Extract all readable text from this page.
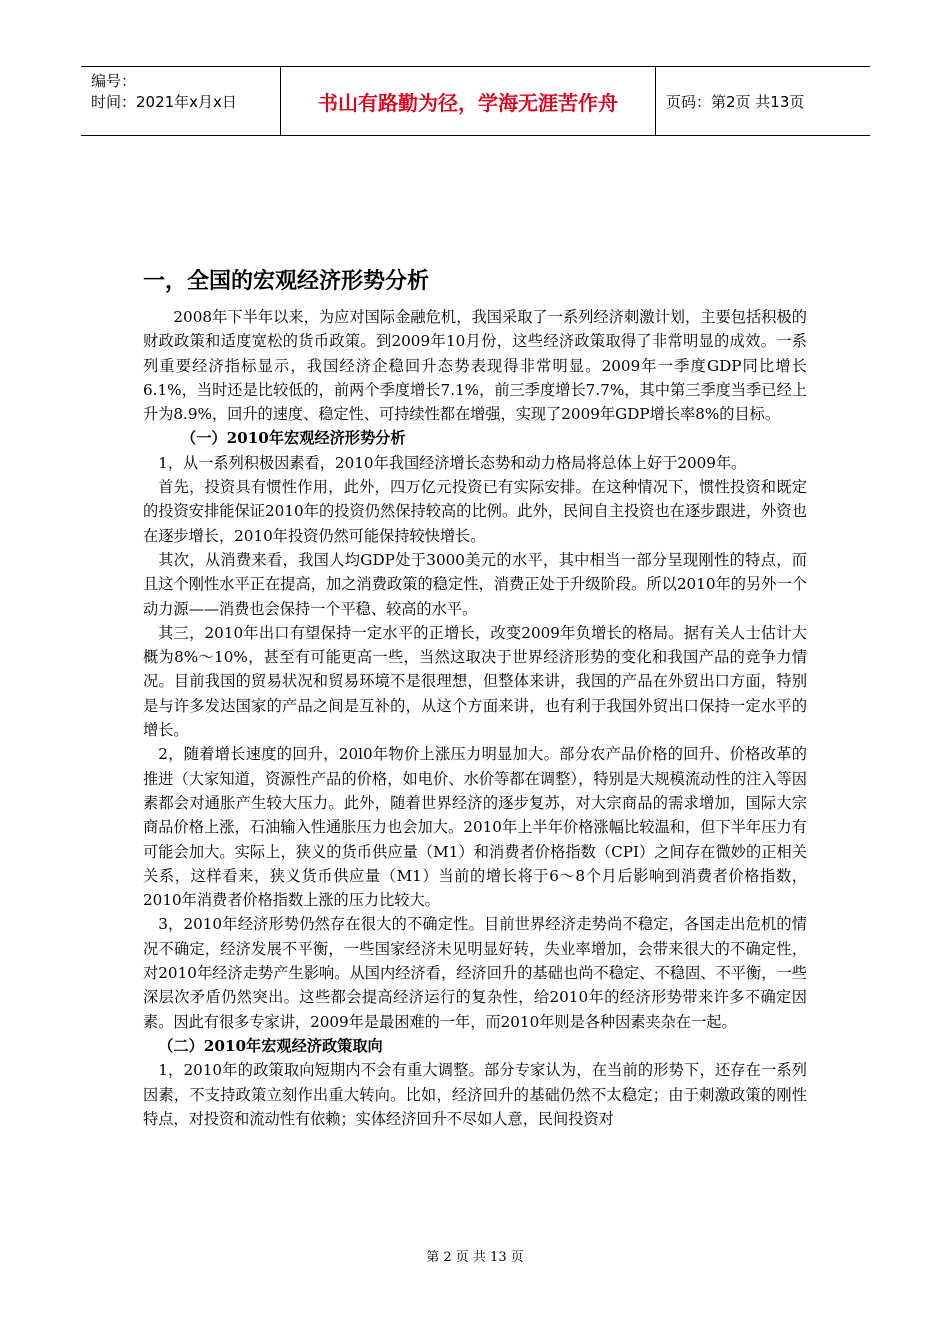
编号：
时间：2021年x月x日	书山有路勤为径，学海无涯苦作舟	页码：第2页 共13页
一，全国的宏观经济形势分析

2008年下半年以来，为应对国际金融危机，我国采取了一系列经济刺激计划，主要包括积极的财政政策和适度宽松的货币政策。到2009年10月份，这些经济政策取得了非常明显的成效。一系列重要经济指标显示，我国经济企稳回升态势表现得非常明显。2009年一季度GDP同比增长6.1%，当时还是比较低的，前两个季度增长7.1%，前三季度增长7.7%，其中第三季度当季已经上升为8.9%，回升的速度、稳定性、可持续性都在增强，实现了2009年GDP增长率8%的目标。

（一）2010年宏观经济形势分析

1，从一系列积极因素看，2010年我国经济增长态势和动力格局将总体上好于2009年。

首先，投资具有惯性作用，此外，四万亿元投资已有实际安排。在这种情况下，惯性投资和既定的投资安排能保证2010年的投资仍然保持较高的比例。此外，民间自主投资也在逐步跟进，外资也在逐步增长，2010年投资仍然可能保持较快增长。

其次，从消费来看，我国人均GDP处于3000美元的水平，其中相当一部分呈现刚性的特点，而且这个刚性水平正在提高，加之消费政策的稳定性，消费正处于升级阶段。所以2010年的另外一个动力源——消费也会保持一个平稳、较高的水平。

其三，2010年出口有望保持一定水平的正增长，改变2009年负增长的格局。据有关人士估计大概为8%～10%，甚至有可能更高一些，当然这取决于世界经济形势的变化和我国产品的竞争力情况。目前我国的贸易状况和贸易环境不是很理想，但整体来讲，我国的产品在外贸出口方面，特别是与许多发达国家的产品之间是互补的，从这个方面来讲，也有利于我国外贸出口保持一定水平的增长。

2，随着增长速度的回升，20l0年物价上涨压力明显加大。部分农产品价格的回升、价格改革的推进（大家知道，资源性产品的价格，如电价、水价等都在调整），特别是大规模流动性的注入等因素都会对通胀产生较大压力。此外，随着世界经济的逐步复苏，对大宗商品的需求增加，国际大宗商品价格上涨，石油输入性通胀压力也会加大。2010年上半年价格涨幅比较温和，但下半年压力有可能会加大。实际上，狭义的货币供应量（M1）和消费者价格指数（CPI）之间存在微妙的正相关关系，这样看来，狭义货币供应量（M1）当前的增长将于6～8个月后影响到消费者价格指数，2010年消费者价格指数上涨的压力比较大。

3，2010年经济形势仍然存在很大的不确定性。目前世界经济走势尚不稳定，各国走出危机的情况不确定，经济发展不平衡，一些国家经济未见明显好转，失业率增加，会带来很大的不确定性，对2010年经济走势产生影响。从国内经济看，经济回升的基础也尚不稳定、不稳固、不平衡，一些深层次矛盾仍然突出。这些都会提高经济运行的复杂性，给2010年的经济形势带来许多不确定因素。因此有很多专家讲，2009年是最困难的一年，而2010年则是各种因素夹杂在一起。

（二）2010年宏观经济政策取向

1，2010年的政策取向短期内不会有重大调整。部分专家认为，在当前的形势下，还存在一系列因素，不支持政策立刻作出重大转向。比如，经济回升的基础仍然不太稳定；由于刺激政策的刚性特点，对投资和流动性有依赖；实体经济回升不尽如人意，民间投资对

第 2 页 共 13 页
